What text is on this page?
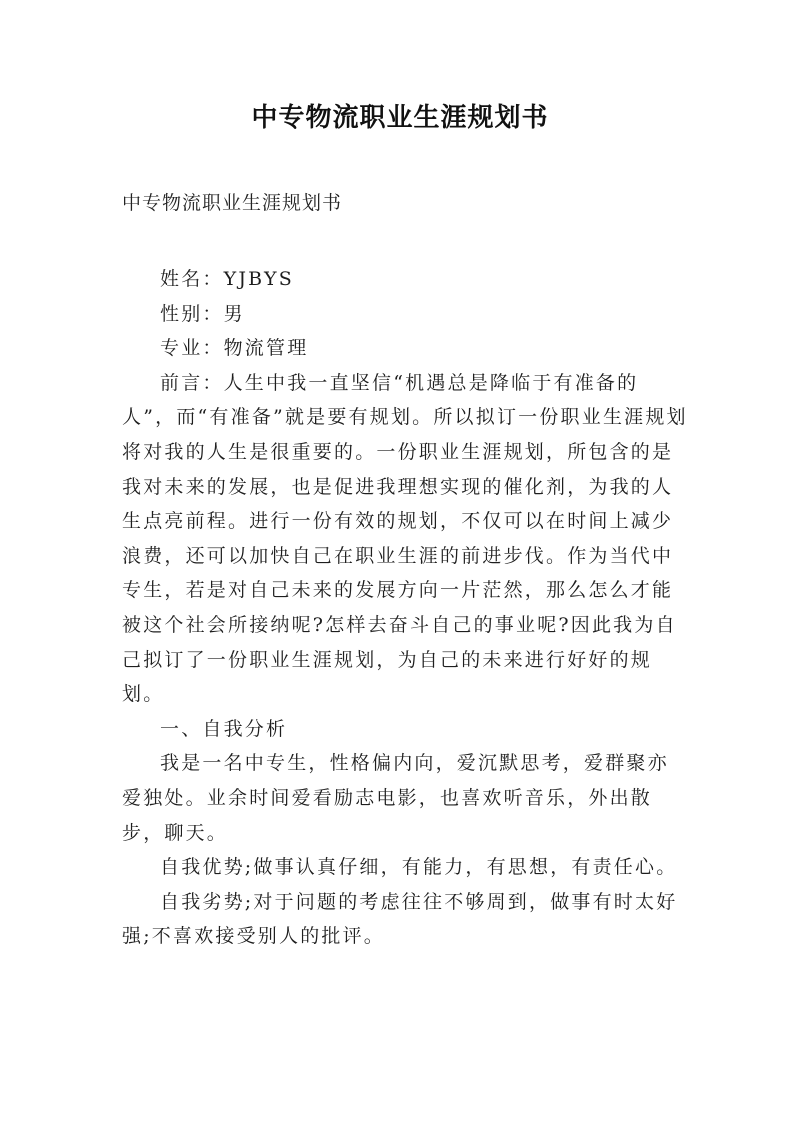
中专物流职业生涯规划书
中专物流职业生涯规划书

姓名：YJBYS

性别：男

专业：物流管理

前言：人生中我一直坚信“机遇总是降临于有准备的人”，而“有准备”就是要有规划。所以拟订一份职业生涯规划将对我的人生是很重要的。一份职业生涯规划，所包含的是我对未来的发展，也是促进我理想实现的催化剂，为我的人生点亮前程。进行一份有效的规划，不仅可以在时间上减少浪费，还可以加快自己在职业生涯的前进步伐。作为当代中专生，若是对自己未来的发展方向一片茫然，那么怎么才能被这个社会所接纳呢?怎样去奋斗自己的事业呢?因此我为自己拟订了一份职业生涯规划，为自己的未来进行好好的规划。

一、自我分析

我是一名中专生，性格偏内向，爱沉默思考，爱群聚亦爱独处。业余时间爱看励志电影，也喜欢听音乐，外出散步，聊天。

自我优势;做事认真仔细，有能力，有思想，有责任心。

自我劣势;对于问题的考虑往往不够周到，做事有时太好强;不喜欢接受别人的批评。
